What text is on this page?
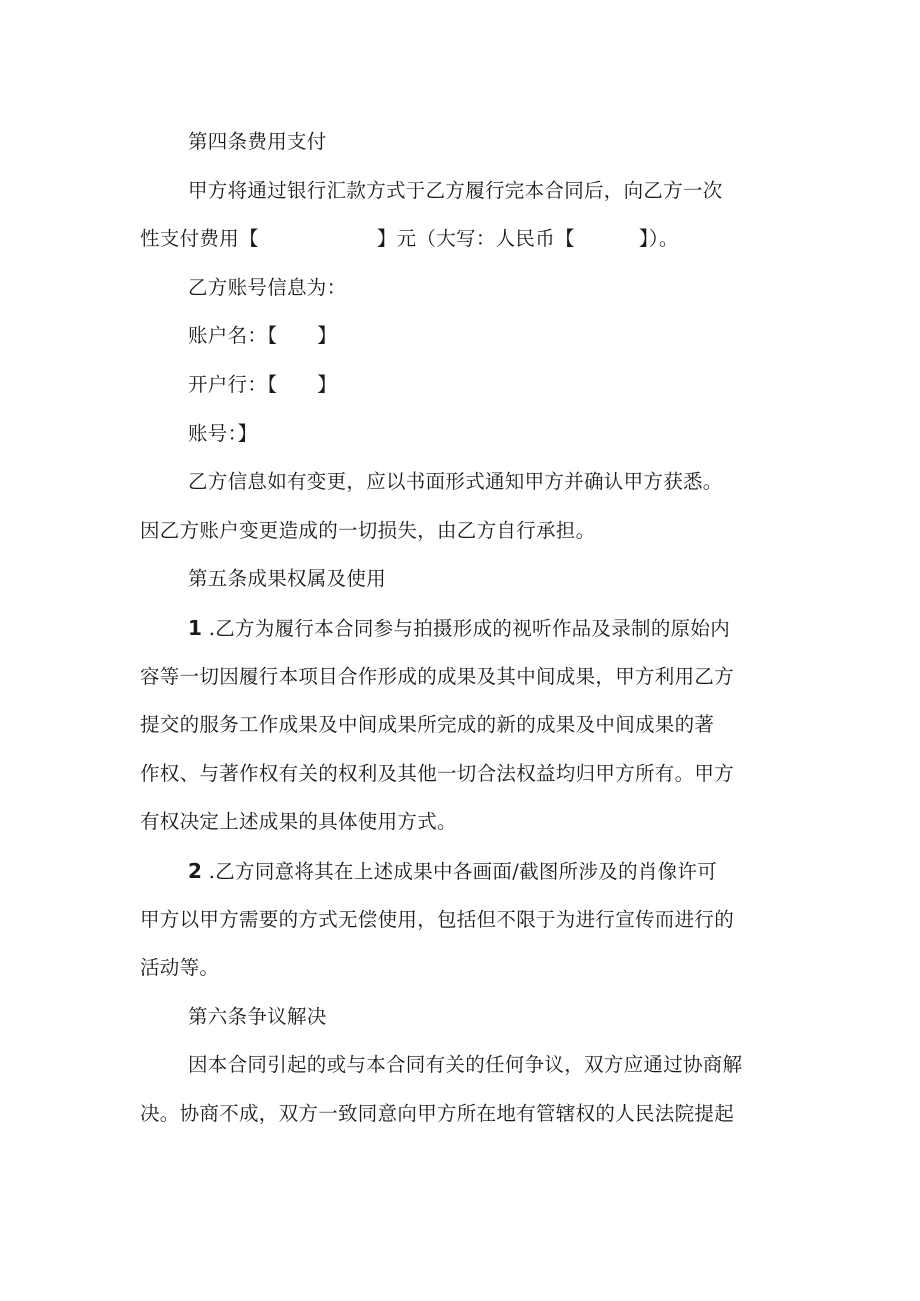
第四条费用支付
甲方将通过银行汇款方式于乙方履行完本合同后，向乙方一次
性支付费用【	】元（大写：人民币【	】）。
乙方账号信息为：
账户名：【 】
开户行：【 】
账号：】
乙方信息如有变更，应以书面形式通知甲方并确认甲方获悉。
因乙方账户变更造成的一切损失，由乙方自行承担。
第五条成果权属及使用
1 .乙方为履行本合同参与拍摄形成的视听作品及录制的原始内
容等一切因履行本项目合作形成的成果及其中间成果，甲方利用乙方
提交的服务工作成果及中间成果所完成的新的成果及中间成果的著
作权、与著作权有关的权利及其他一切合法权益均归甲方所有。甲方
有权决定上述成果的具体使用方式。
2 .乙方同意将其在上述成果中各画面/截图所涉及的肖像许可
甲方以甲方需要的方式无偿使用，包括但不限于为进行宣传而进行的
活动等。
第六条争议解决
因本合同引起的或与本合同有关的任何争议，双方应通过协商解
决。协商不成，双方一致同意向甲方所在地有管辖权的人民法院提起
